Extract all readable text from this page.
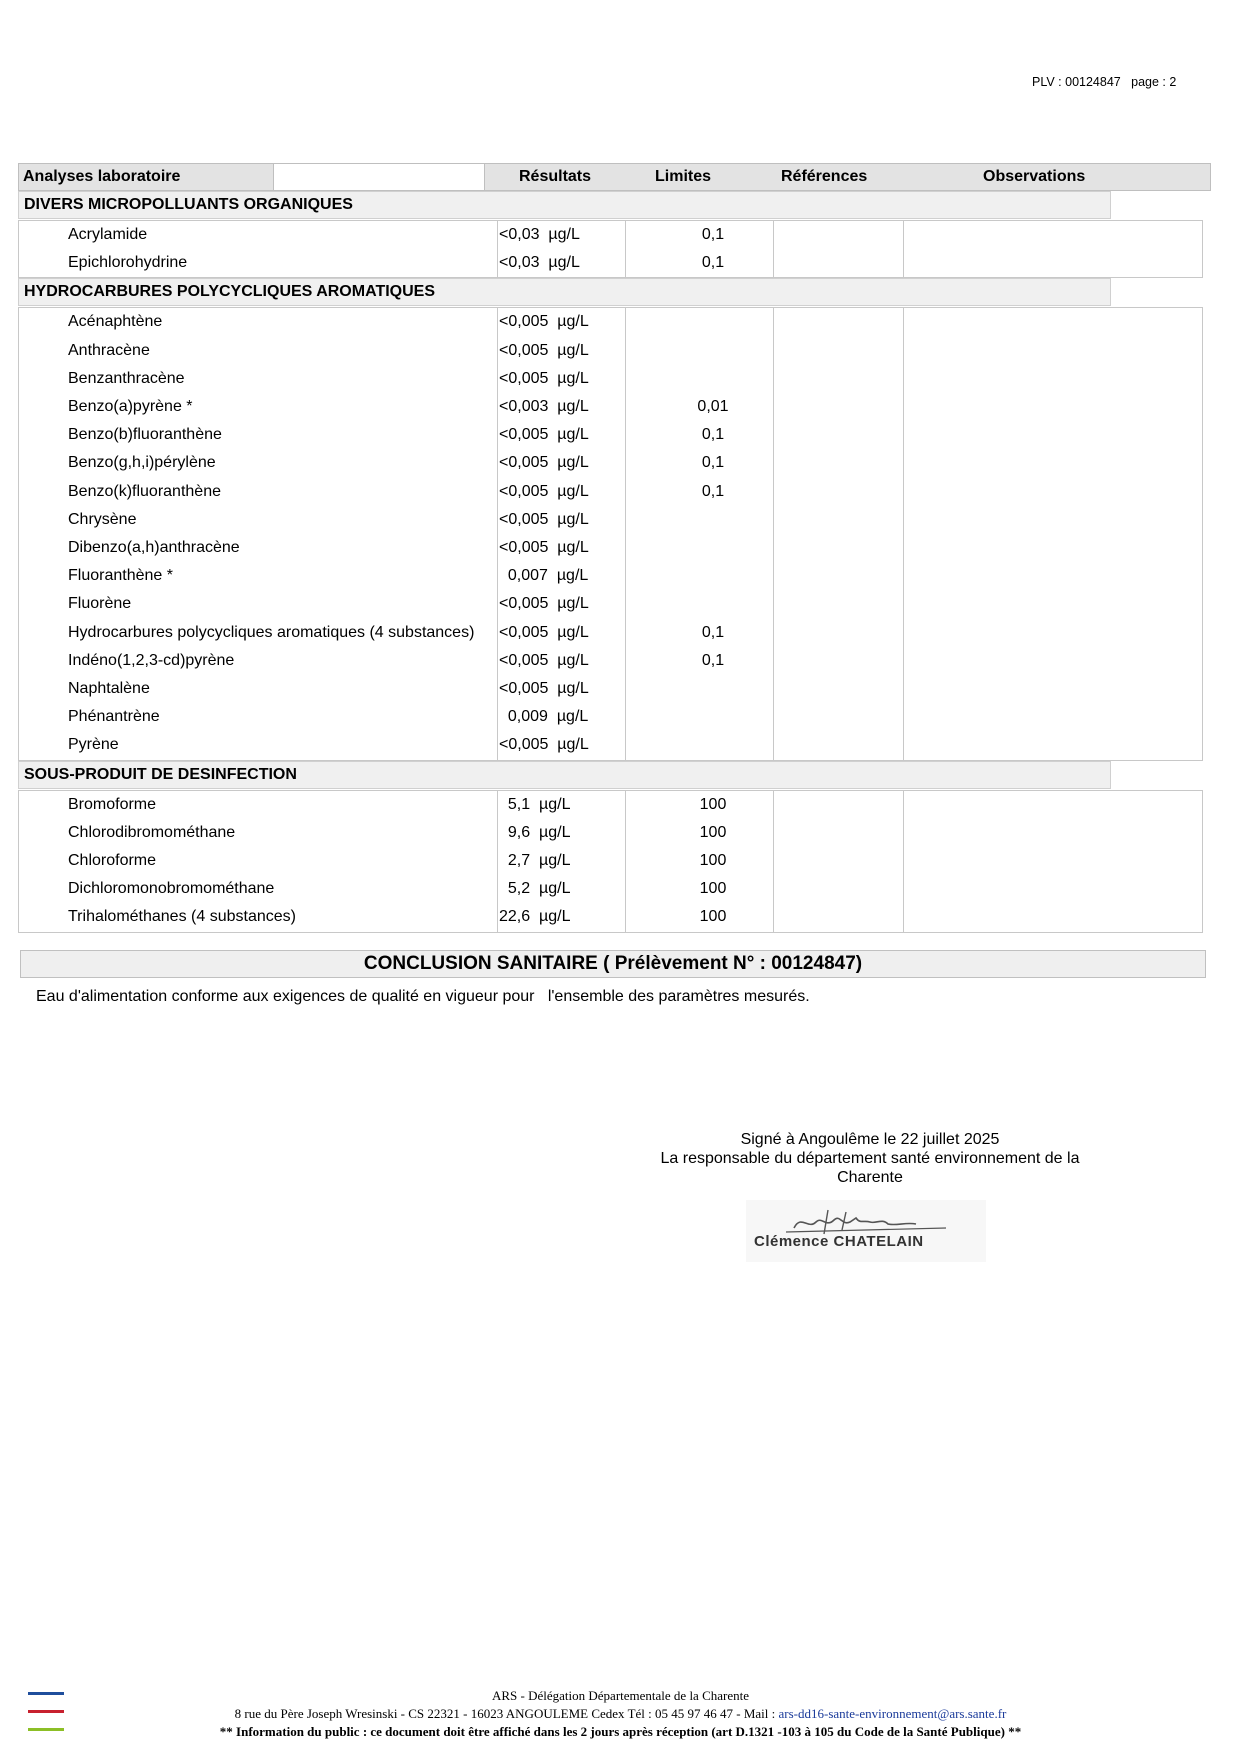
PLV : 00124847   page : 2
Analyses laboratoire	Résultats	Limites	Références	Observations
DIVERS MICROPOLLUANTS ORGANIQUES
Acrylamide	<0,03  µg/L	0,1
Epichlorohydrine	<0,03  µg/L	0,1
HYDROCARBURES POLYCYCLIQUES AROMATIQUES
Acénaphtène	<0,005  µg/L
Anthracène	<0,005  µg/L
Benzanthracène	<0,005  µg/L
Benzo(a)pyrène *	<0,003  µg/L	0,01
Benzo(b)fluoranthène	<0,005  µg/L	0,1
Benzo(g,h,i)pérylène	<0,005  µg/L	0,1
Benzo(k)fluoranthène	<0,005  µg/L	0,1
Chrysène	<0,005  µg/L
Dibenzo(a,h)anthracène	<0,005  µg/L
Fluoranthène *	0,007  µg/L
Fluorène	<0,005  µg/L
Hydrocarbures polycycliques aromatiques (4 substances) <0,005  µg/L	0,1
Indéno(1,2,3-cd)pyrène	<0,005  µg/L	0,1
Naphtalène	<0,005  µg/L
Phénantrène	0,009  µg/L
Pyrène	<0,005  µg/L
SOUS-PRODUIT DE DESINFECTION
Bromoforme	5,1  µg/L	100
Chlorodibromométhane	9,6  µg/L	100
Chloroforme	2,7  µg/L	100
Dichloromonobromométhane	5,2  µg/L	100
Trihalométhanes (4 substances)	22,6  µg/L	100
CONCLUSION SANITAIRE ( Prélèvement N° : 00124847)
Eau d'alimentation conforme aux exigences de qualité en vigueur pour   l'ensemble des paramètres mesurés.
Signé à Angoulême le 22 juillet 2025
La responsable du département santé environnement de la
Charente
Clémence CHATELAIN
ARS - Délégation Départementale de la Charente
8 rue du Père Joseph Wresinski - CS 22321 - 16023 ANGOULEME Cedex Tél : 05 45 97 46 47 - Mail : ars-dd16-sante-environnement@ars.sante.fr
** Information du public : ce document doit être affiché dans les 2 jours après réception (art D.1321 -103 à 105 du Code de la Santé Publique) **
